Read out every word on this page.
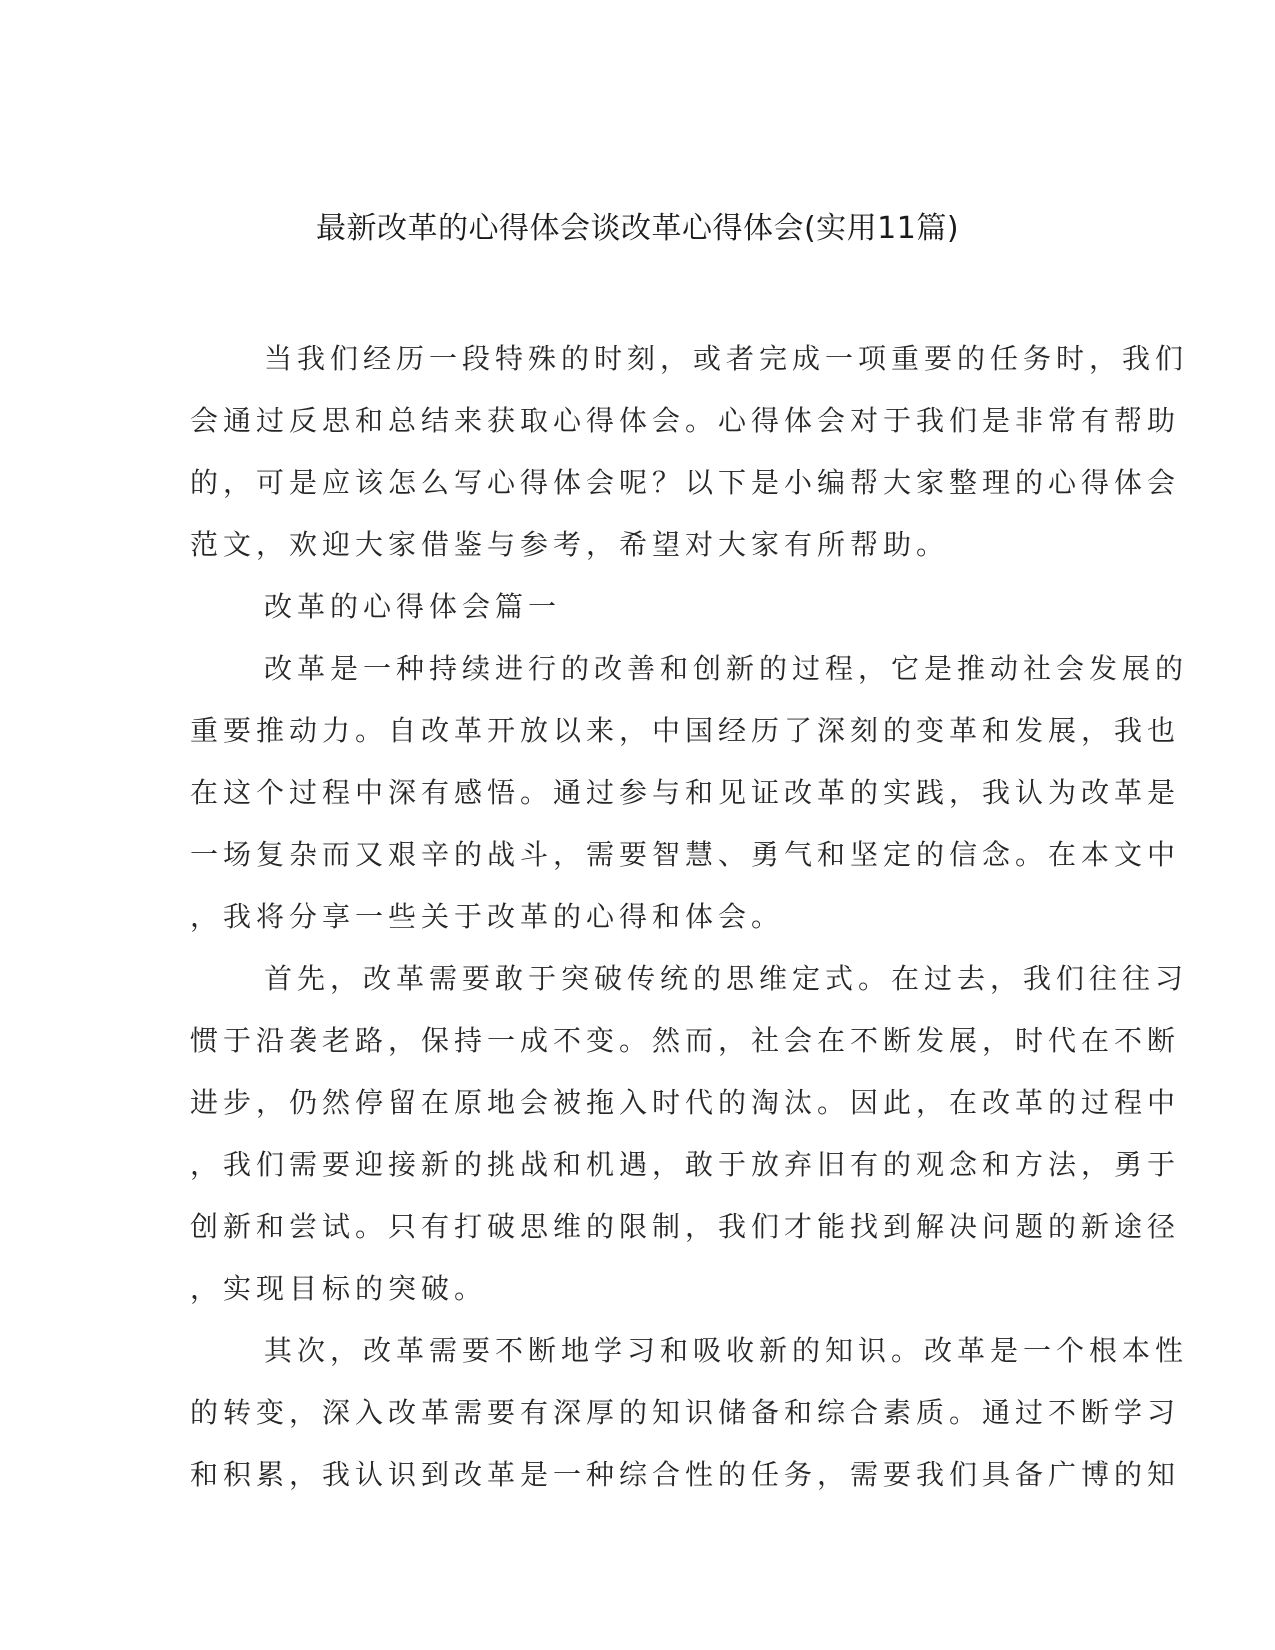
最新改革的心得体会谈改革心得体会(实用11篇)
当我们经历一段特殊的时刻，或者完成一项重要的任务时，我们
会通过反思和总结来获取心得体会。心得体会对于我们是非常有帮助
的，可是应该怎么写心得体会呢？以下是小编帮大家整理的心得体会
范文，欢迎大家借鉴与参考，希望对大家有所帮助。
改革的心得体会篇一
改革是一种持续进行的改善和创新的过程，它是推动社会发展的
重要推动力。自改革开放以来，中国经历了深刻的变革和发展，我也
在这个过程中深有感悟。通过参与和见证改革的实践，我认为改革是
一场复杂而又艰辛的战斗，需要智慧、勇气和坚定的信念。在本文中
，我将分享一些关于改革的心得和体会。
首先，改革需要敢于突破传统的思维定式。在过去，我们往往习
惯于沿袭老路，保持一成不变。然而，社会在不断发展，时代在不断
进步，仍然停留在原地会被拖入时代的淘汰。因此，在改革的过程中
，我们需要迎接新的挑战和机遇，敢于放弃旧有的观念和方法，勇于
创新和尝试。只有打破思维的限制，我们才能找到解决问题的新途径
，实现目标的突破。
其次，改革需要不断地学习和吸收新的知识。改革是一个根本性
的转变，深入改革需要有深厚的知识储备和综合素质。通过不断学习
和积累，我认识到改革是一种综合性的任务，需要我们具备广博的知
